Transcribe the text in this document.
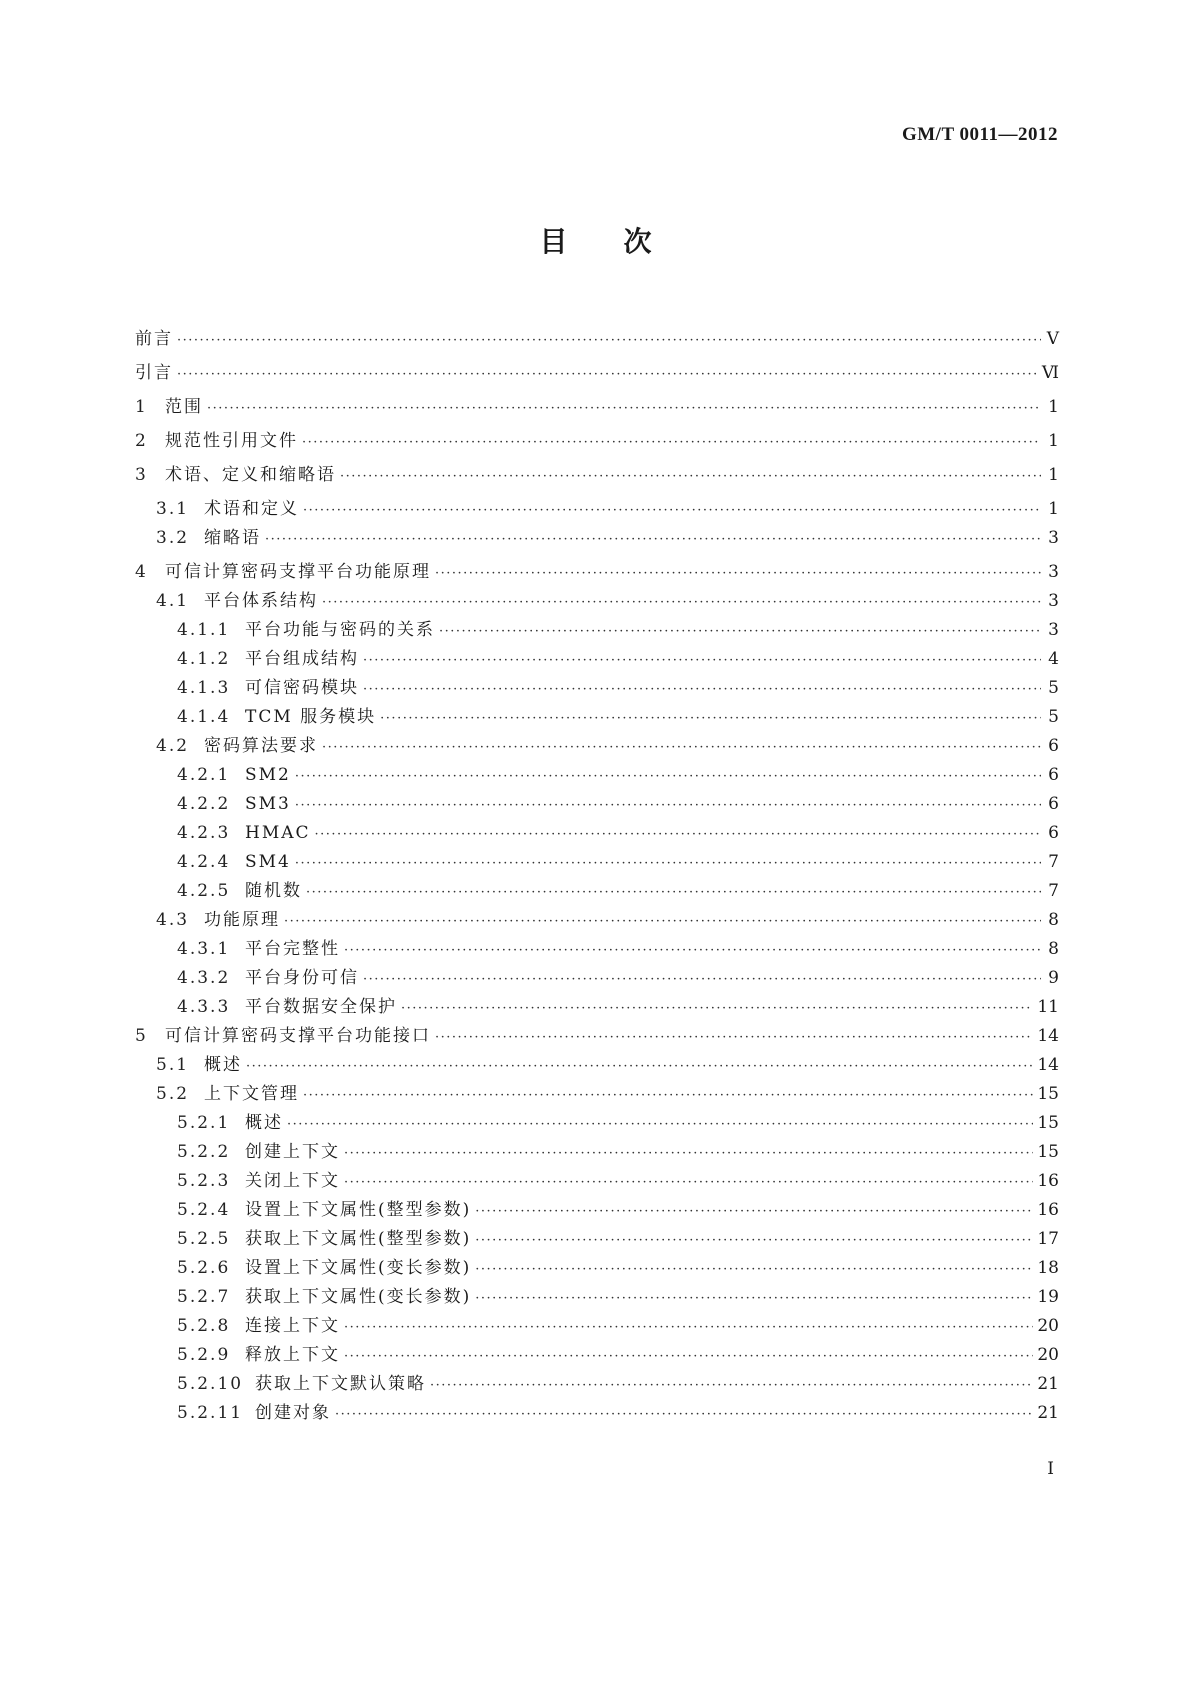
GM/T 0011—2012
目次
前言 ·····	Ⅴ
引言 ·····	Ⅵ
1	范围 ·····	1
2	规范性引用文件 ·····	1
3	术语、定义和缩略语 ·····	1
3.1 术语和定义 ·····	1
3.2 缩略语 ·····	3
4	可信计算密码支撑平台功能原理 ·····	3
4.1 平台体系结构 ·····	3
4.1.1 平台功能与密码的关系 ·····	3
4.1.2 平台组成结构 ·····	4
4.1.3 可信密码模块 ·····	5
4.1.4 TCM 服务模块 ·····	5
4.2 密码算法要求 ·····	6
4.2.1 SM2 ·····	6
4.2.2 SM3 ·····	6
4.2.3 HMAC ·····	6
4.2.4 SM4 ·····	7
4.2.5 随机数 ·····	7
4.3 功能原理 ·····	8
4.3.1 平台完整性 ·····	8
4.3.2 平台身份可信 ·····	9
4.3.3 平台数据安全保护 ·····	11
5	可信计算密码支撑平台功能接口 ·····	14
5.1 概述 ·····	14
5.2 上下文管理 ·····	15
5.2.1 概述 ·····	15
5.2.2 创建上下文 ·····	15
5.2.3 关闭上下文 ·····	16
5.2.4 设置上下文属性(整型参数) ·····	16
5.2.5 获取上下文属性(整型参数) ·····	17
5.2.6 设置上下文属性(变长参数) ·····	18
5.2.7 获取上下文属性(变长参数) ·····	19
5.2.8 连接上下文 ·····	20
5.2.9 释放上下文 ·····	20
5.2.10 获取上下文默认策略 ·····	21
5.2.11 创建对象 ·····	21
I
